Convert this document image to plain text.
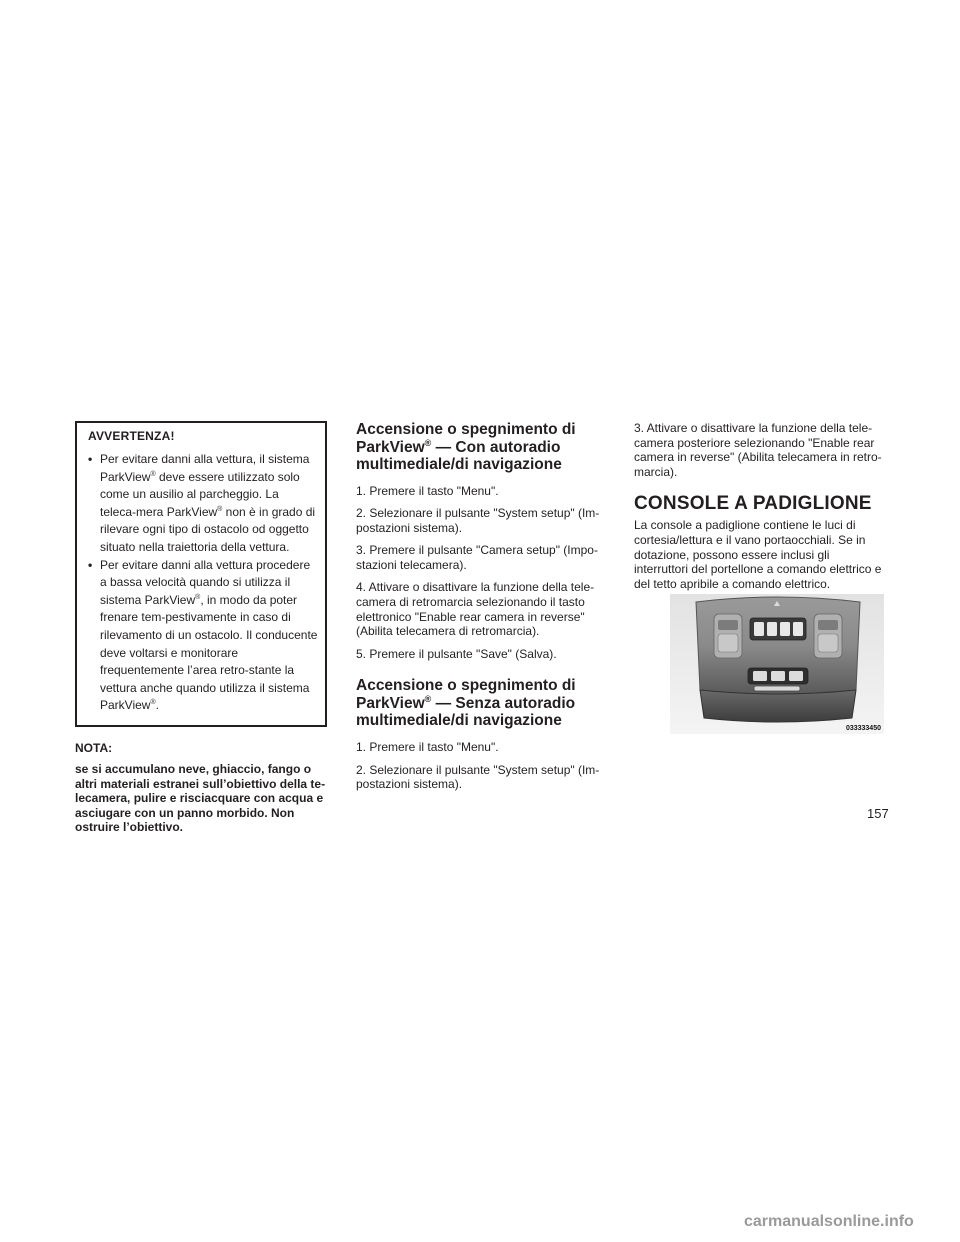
AVVERTENZA!
• Per evitare danni alla vettura, il sistema ParkView® deve essere utilizzato solo come un ausilio al parcheggio. La teleca-mera ParkView® non è in grado di rilevare ogni tipo di ostacolo od oggetto situato nella traiettoria della vettura.
• Per evitare danni alla vettura procedere a bassa velocità quando si utilizza il sistema ParkView®, in modo da poter frenare tem-pestivamente in caso di rilevamento di un ostacolo. Il conducente deve voltarsi e monitorare frequentemente l’area retro-stante la vettura anche quando utilizza il sistema ParkView®.
NOTA:

se si accumulano neve, ghiaccio, fango o altri materiali estranei sull’obiettivo della te-lecamera, pulire e risciacquare con acqua e asciugare con un panno morbido. Non ostruire l’obiettivo.

Accensione o spegnimento di ParkView® — Con autoradio multimediale/di navigazione

1. Premere il tasto "Menu".

2. Selezionare il pulsante "System setup" (Im-postazioni sistema).

3. Premere il pulsante "Camera setup" (Impo-stazioni telecamera).

4. Attivare o disattivare la funzione della tele-camera di retromarcia selezionando il tasto elettronico "Enable rear camera in reverse" (Abilita telecamera di retromarcia).

5. Premere il pulsante "Save" (Salva).

Accensione o spegnimento di ParkView® — Senza autoradio multimediale/di navigazione

1. Premere il tasto "Menu".

2. Selezionare il pulsante "System setup" (Im-postazioni sistema).

3. Attivare o disattivare la funzione della tele-camera posteriore selezionando "Enable rear camera in reverse" (Abilita telecamera in retro-marcia).

CONSOLE A PADIGLIONE

La console a padiglione contiene le luci di cortesia/lettura e il vano portaocchiali. Se in dotazione, possono essere inclusi gli interruttori del portellone a comando elettrico e del tetto apribile a comando elettrico.

033333450
157
carmanualsonline.info
